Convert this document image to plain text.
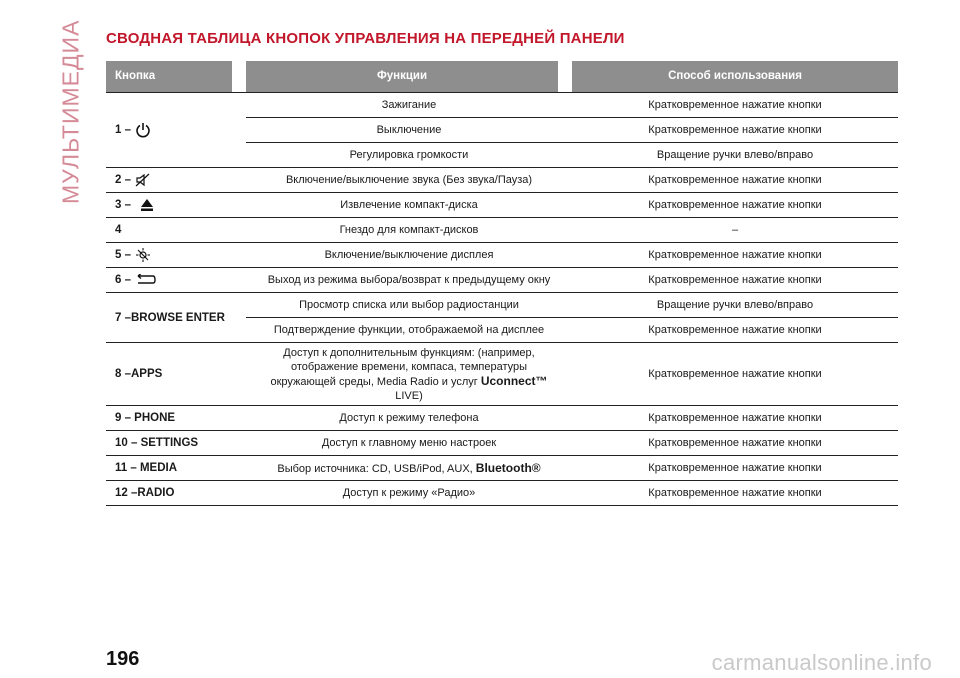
МУЛЬТИМЕДИА СВОДНАЯ ТАБЛИЦА КНОПОК УПРАВЛЕНИЯ НА ПЕРЕДНЕЙ ПАНЕЛИ
Кнопка	Функции	Способ использования

1 –	Зажигание	Кратковременное нажатие кнопки
	Выключение	Кратковременное нажатие кнопки
	Регулировка громкости	Вращение ручки влево/вправо
2 –	Включение/выключение звука (Без звука/Пауза)	Кратковременное нажатие кнопки
3 –	Извлечение компакт-диска	Кратковременное нажатие кнопки
4	Гнездо для компакт-дисков	–
5 –	Включение/выключение дисплея	Кратковременное нажатие кнопки
6 –	Выход из режима выбора/возврат к предыдущему окну	Кратковременное нажатие кнопки
7 –BROWSE ENTER	Просмотр списка или выбор радиостанции	Вращение ручки влево/вправо
	Подтверждение функции, отображаемой на дисплее	Кратковременное нажатие кнопки
8 –APPS	Доступ к дополнительным функциям: (например,
отображение времени, компаса, температуры
окружающей среды, Media Radio и услуг Uconnect™
LIVE)	Кратковременное нажатие кнопки
9 – PHONE	Доступ к режиму телефона	Кратковременное нажатие кнопки
10 – SETTINGS	Доступ к главному меню настроек	Кратковременное нажатие кнопки
11 – MEDIA	Выбор источника: CD, USB/iPod, AUX, Bluetooth®	Кратковременное нажатие кнопки
12 –RADIO	Доступ к режиму «Радио»	Кратковременное нажатие кнопки
196	carmanualsonline.info
